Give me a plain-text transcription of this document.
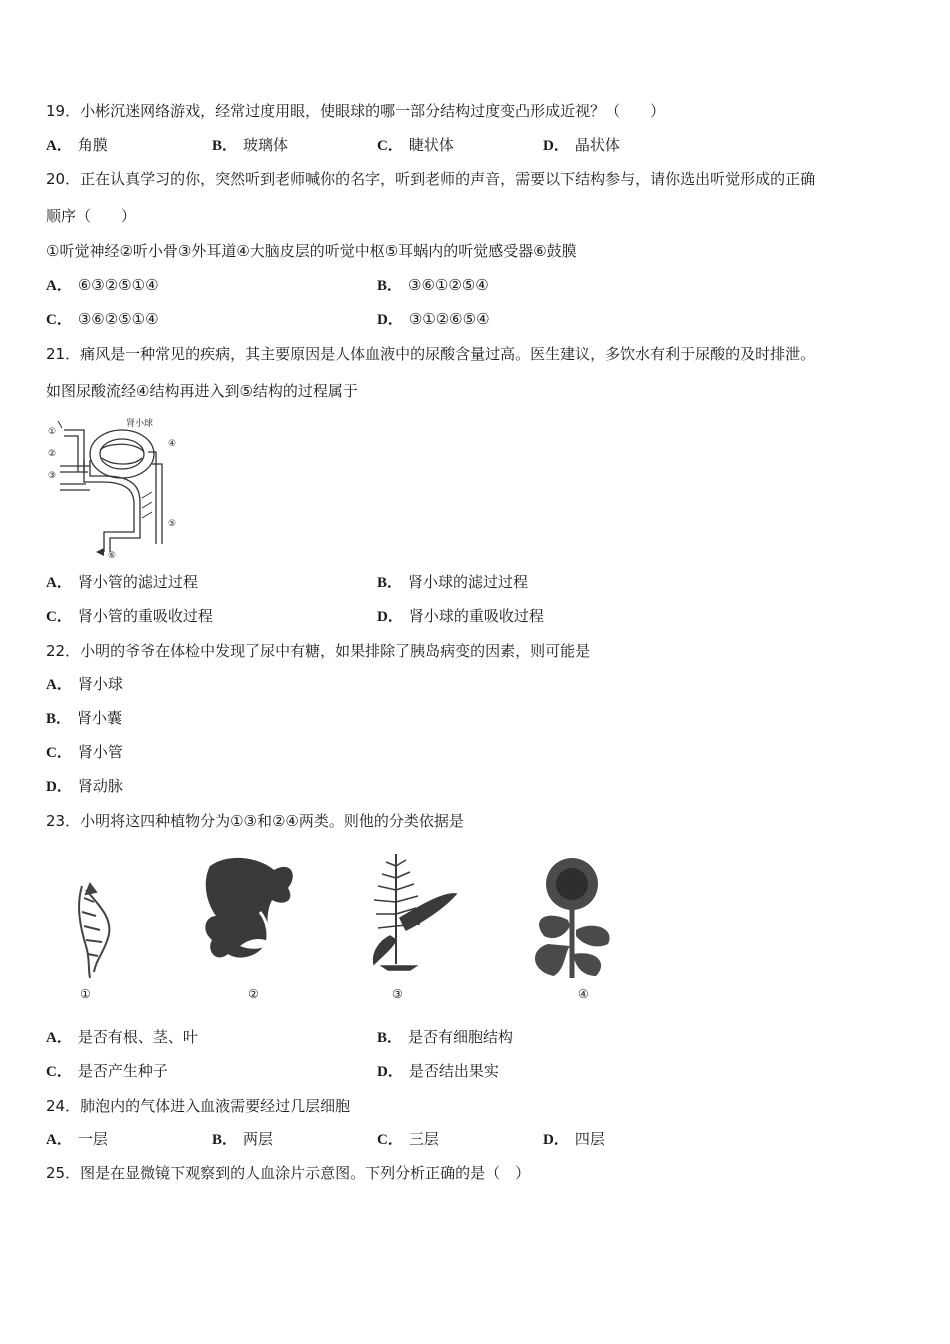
19．小彬沉迷网络游戏，经常过度用眼，使眼球的哪一部分结构过度变凸形成近视？（　　）
A． 角膜	B． 玻璃体	C． 睫状体	D． 晶状体
20．正在认真学习的你，突然听到老师喊你的名字，听到老师的声音，需要以下结构参与，请你选出听觉形成的正确
顺序（　　）
①听觉神经②听小骨③外耳道④大脑皮层的听觉中枢⑤耳蜗内的听觉感受器⑥鼓膜
A． ⑥③②⑤①④	B． ③⑥①②⑤④
C． ③⑥②⑤①④	D． ③①②⑥⑤④
21．痛风是一种常见的疾病，其主要原因是人体血液中的尿酸含量过高。医生建议，多饮水有利于尿酸的及时排泄。
如图尿酸流经④结构再进入到⑤结构的过程属于
①
②
③
④
⑤
⑥
肾小球
A． 肾小管的滤过过程	B． 肾小球的滤过过程
C． 肾小管的重吸收过程	D． 肾小球的重吸收过程
22．小明的爷爷在体检中发现了尿中有糖，如果排除了胰岛病变的因素，则可能是
A． 肾小球
B． 肾小囊
C． 肾小管
D． 肾动脉
23．小明将这四种植物分为①③和②④两类。则他的分类依据是
①	②	③	④
A． 是否有根、茎、叶	B． 是否有细胞结构
C． 是否产生种子	D． 是否结出果实
24．肺泡内的气体进入血液需要经过几层细胞
A． 一层	B． 两层	C． 三层	D． 四层
25．图是在显微镜下观察到的人血涂片示意图。下列分析正确的是（　）
